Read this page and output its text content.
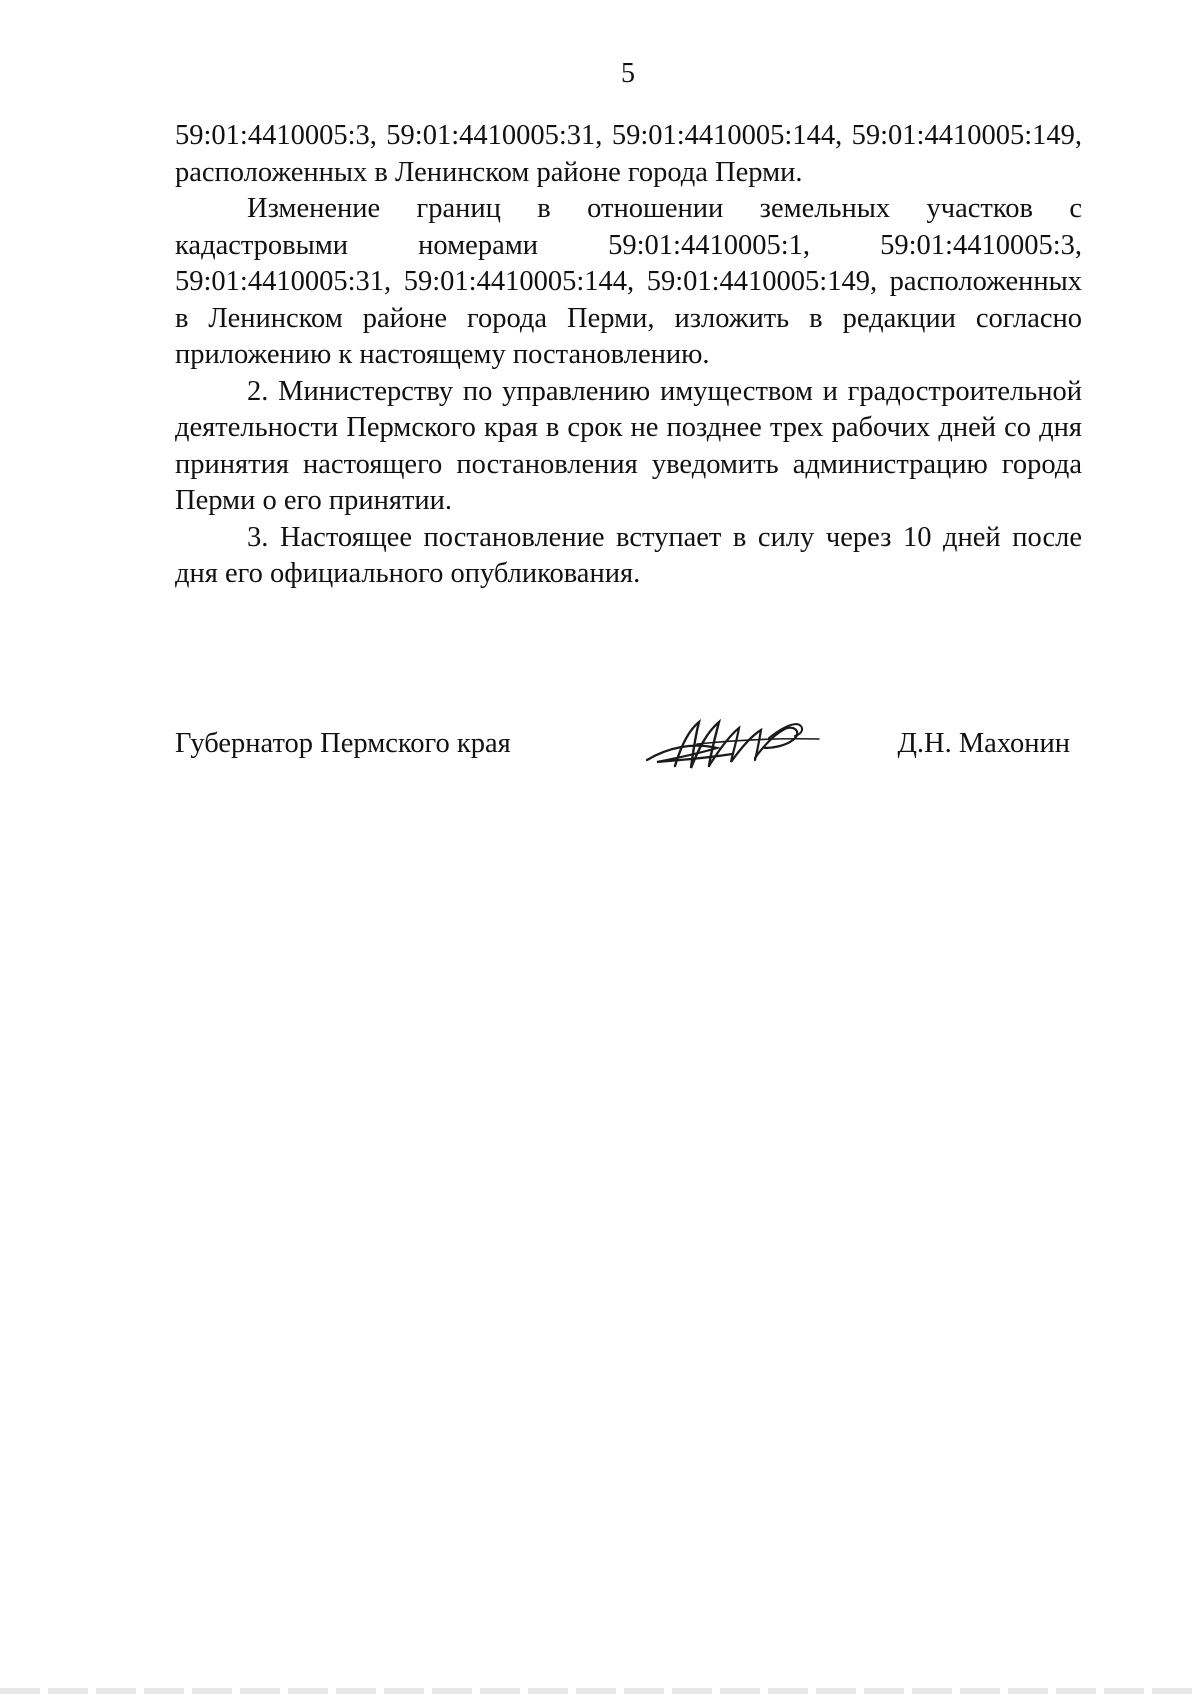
5

59:01:4410005:3, 59:01:4410005:31, 59:01:4410005:144, 59:01:4410005:149, расположенных в Ленинском районе города Перми.

Изменение границ в отношении земельных участков с кадастровыми номерами 59:01:4410005:1, 59:01:4410005:3, 59:01:4410005:31, 59:01:4410005:144, 59:01:4410005:149, расположенных в Ленинском районе города Перми, изложить в редакции согласно приложению к настоящему постановлению.

2. Министерству по управлению имуществом и градостроительной деятельности Пермского края в срок не позднее трех рабочих дней со дня принятия настоящего постановления уведомить администрацию города Перми о его принятии.

3. Настоящее постановление вступает в силу через 10 дней после дня его официального опубликования.

Губернатор Пермского края	Д.Н. Махонин
